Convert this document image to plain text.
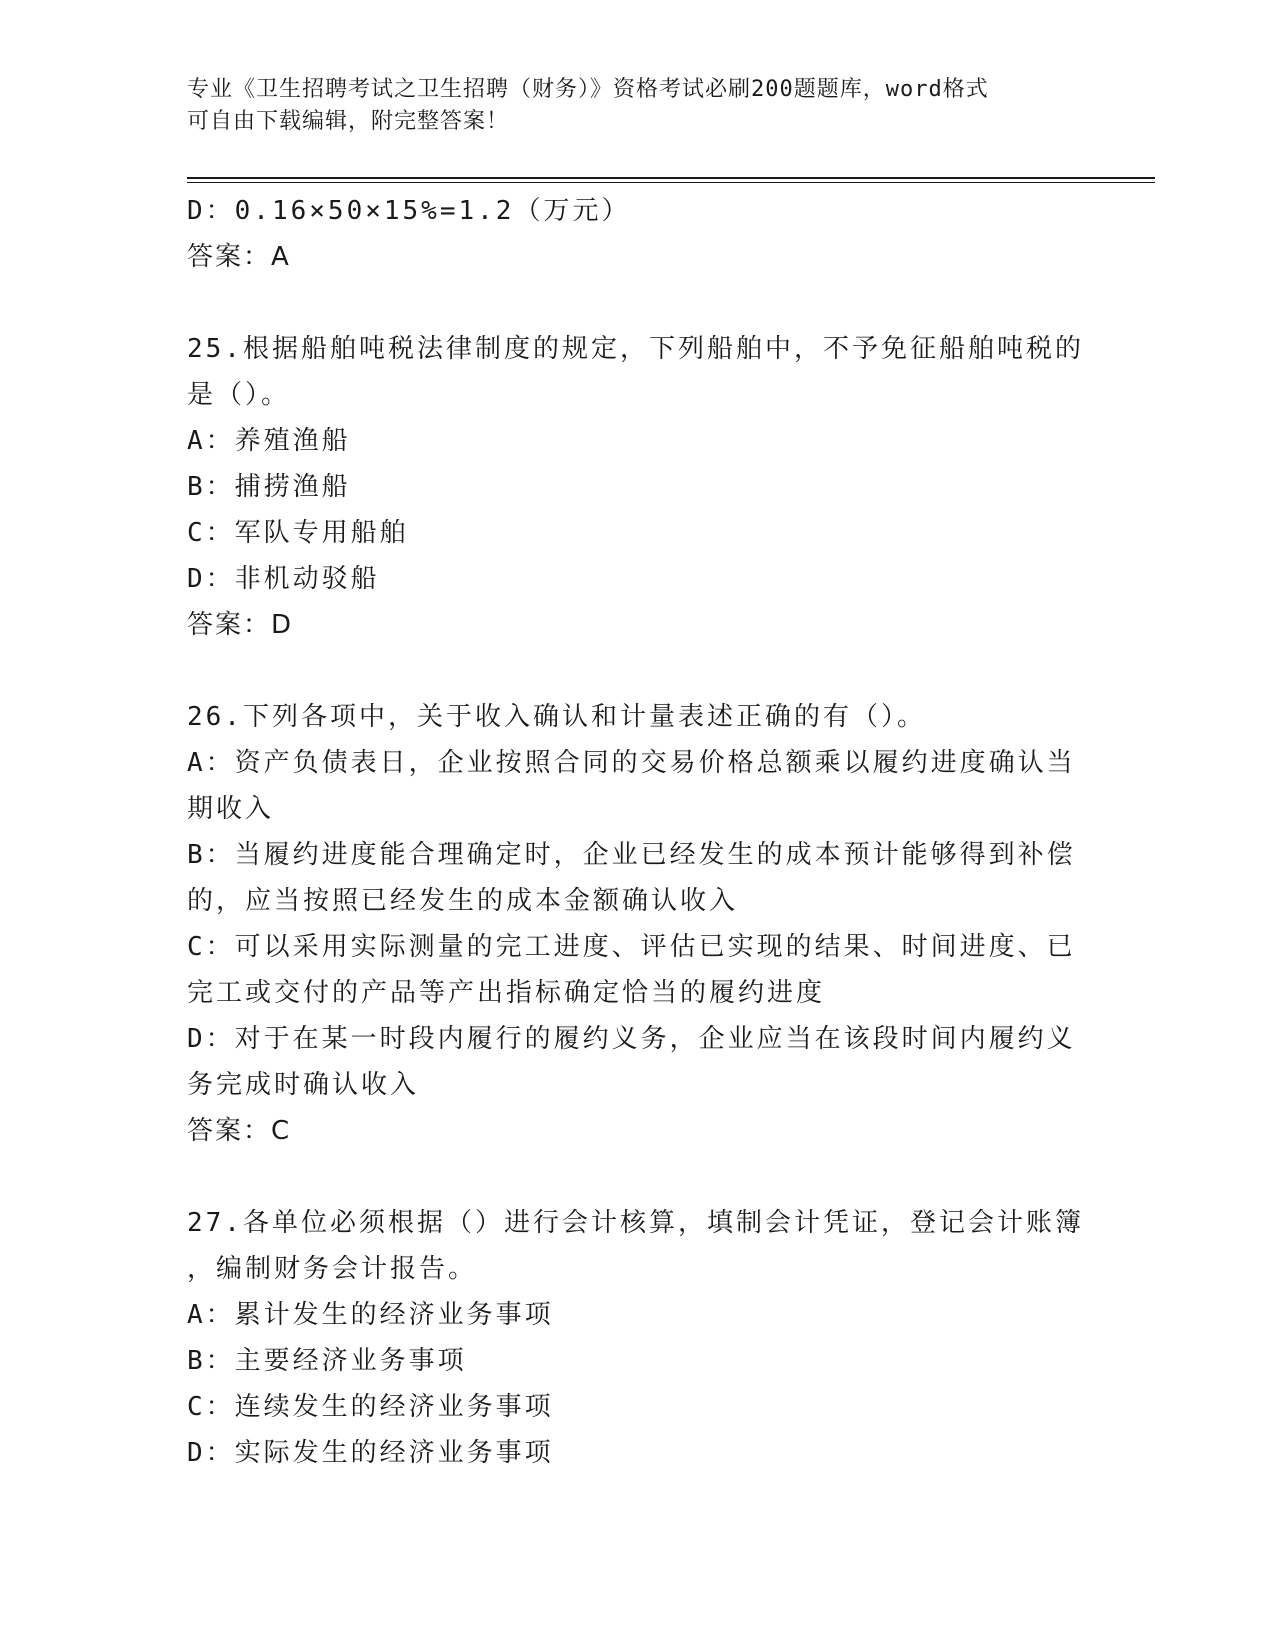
专业《卫生招聘考试之卫生招聘（财务）》资格考试必刷200题题库，word格式
可自由下载编辑，附完整答案！
D：0.16×50×15%=1.2（万元）
答案：A
25.根据船舶吨税法律制度的规定，下列船舶中，不予免征船舶吨税的
是（）。
A：养殖渔船
B：捕捞渔船
C：军队专用船舶
D：非机动驳船
答案：D
26.下列各项中，关于收入确认和计量表述正确的有（）。
A：资产负债表日，企业按照合同的交易价格总额乘以履约进度确认当
期收入
B：当履约进度能合理确定时，企业已经发生的成本预计能够得到补偿
的，应当按照已经发生的成本金额确认收入
C：可以采用实际测量的完工进度、评估已实现的结果、时间进度、已
完工或交付的产品等产出指标确定恰当的履约进度
D：对于在某一时段内履行的履约义务，企业应当在该段时间内履约义
务完成时确认收入
答案：C
27.各单位必须根据（）进行会计核算，填制会计凭证，登记会计账簿
，编制财务会计报告。
A：累计发生的经济业务事项
B：主要经济业务事项
C：连续发生的经济业务事项
D：实际发生的经济业务事项
